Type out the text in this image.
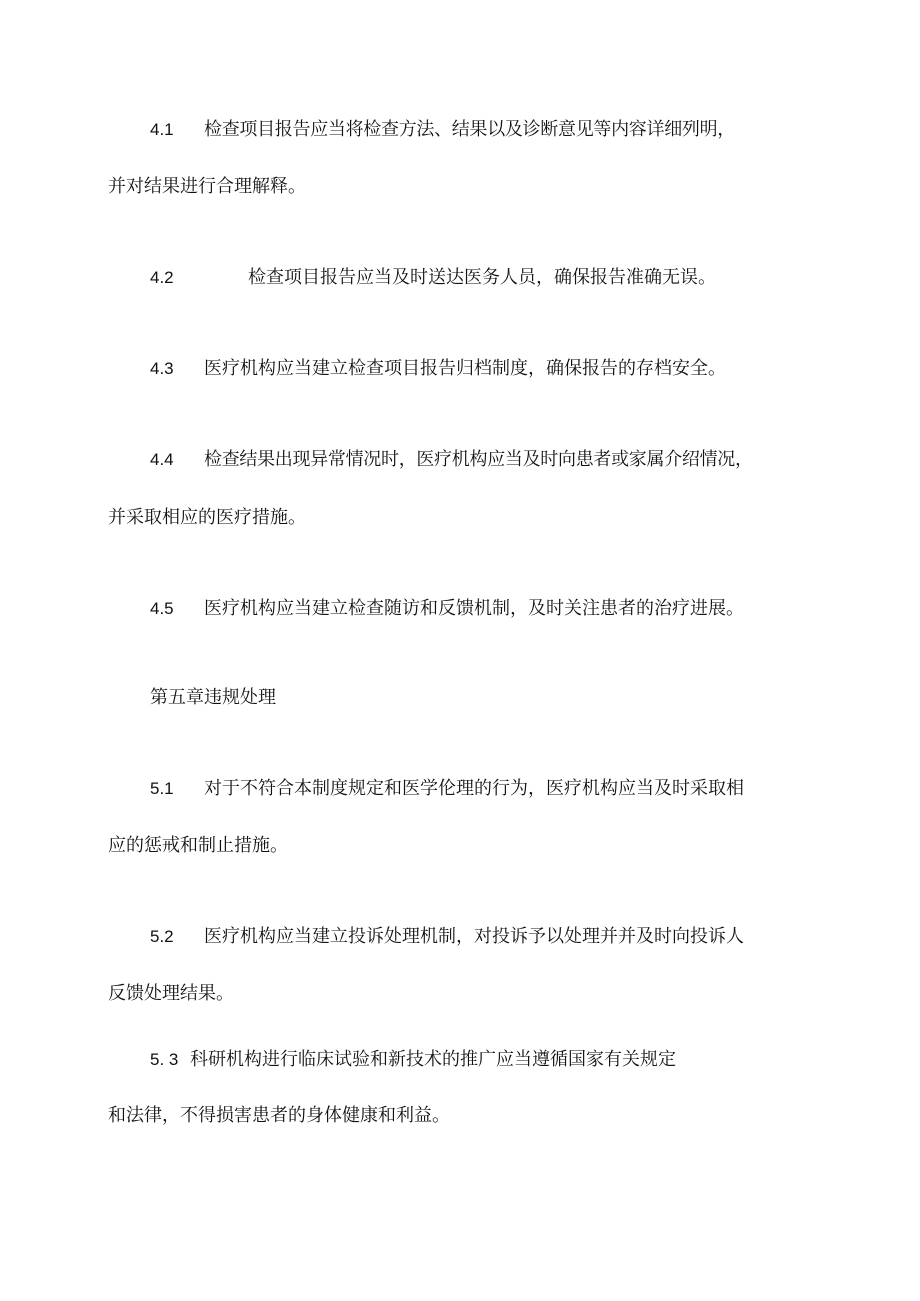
4.1 检查项目报告应当将检查方法、结果以及诊断意见等内容详细列明，
并对结果进行合理解释。
4.2	检查项目报告应当及时送达医务人员，确保报告准确无误。
4.3 医疗机构应当建立检查项目报告归档制度，确保报告的存档安全。
4.4 检查结果出现异常情况时，医疗机构应当及时向患者或家属介绍情况，
并采取相应的医疗措施。
4.5 医疗机构应当建立检查随访和反馈机制，及时关注患者的治疗进展。
第五章违规处理
5.1 对于不符合本制度规定和医学伦理的行为，医疗机构应当及时采取相
应的惩戒和制止措施。
5.2 医疗机构应当建立投诉处理机制，对投诉予以处理并并及时向投诉人
反馈处理结果。
5. 3 科研机构进行临床试验和新技术的推广应当遵循国家有关规定
和法律，不得损害患者的身体健康和利益。
